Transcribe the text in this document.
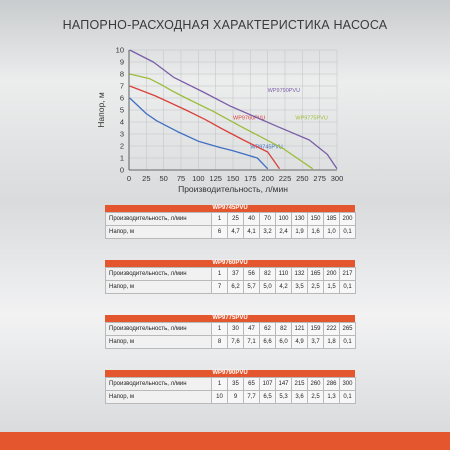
НАПОРНО-РАСХОДНАЯ ХАРАКТЕРИСТИКА НАСОСА
0 25 50 75 100 125 150 175 200 225 250 275 300
0
1
2
3
4
5
6
7
8
9
10
Производительность, л/мин
Напор, м
WP9745PVU
WP9760PVU	WP9775PVU
WP9790PVU
WP9745PVU
Производительность, л/мин	1	25	40	70	100	130	150	185	200
Напор, м	6	4,7	4,1	3,2	2,4	1,9	1,6	1,0	0,1
WP9760PVU
Производительность, л/мин	1	37	56	82	110	132	165	200	217
Напор, м	7	6,2	5,7	5,0	4,2	3,5	2,5	1,5	0,1
WP9775PVU
Производительность, л/мин	1	30	47	62	82	121	159	222	265
Напор, м	8	7,6	7,1	6,6	6,0	4,9	3,7	1,8	0,1
WP9790PVU
Производительность, л/мин	1	35	65	107	147	215	260	286	300
Напор, м	10	9	7,7	6,5	5,3	3,6	2,5	1,3	0,1
